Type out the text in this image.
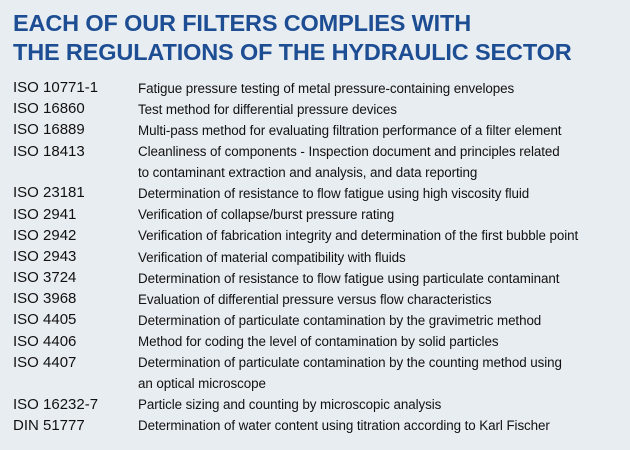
EACH OF OUR FILTERS COMPLIES WITH
THE REGULATIONS OF THE HYDRAULIC SECTOR
ISO 10771-1	Fatigue pressure testing of metal pressure-containing envelopes
ISO 16860	Test method for differential pressure devices
ISO 16889	Multi-pass method for evaluating filtration performance of a filter element
ISO 18413	Cleanliness of components - Inspection document and principles related
to contaminant extraction and analysis, and data reporting
ISO 23181	Determination of resistance to flow fatigue using high viscosity fluid
ISO 2941	Verification of collapse/burst pressure rating
ISO 2942	Verification of fabrication integrity and determination of the first bubble point
ISO 2943	Verification of material compatibility with fluids
ISO 3724	Determination of resistance to flow fatigue using particulate contaminant
ISO 3968	Evaluation of differential pressure versus flow characteristics
ISO 4405	Determination of particulate contamination by the gravimetric method
ISO 4406	Method for coding the level of contamination by solid particles
ISO 4407	Determination of particulate contamination by the counting method using
an optical microscope
ISO 16232-7	Particle sizing and counting by microscopic analysis
DIN 51777	Determination of water content using titration according to Karl Fischer
